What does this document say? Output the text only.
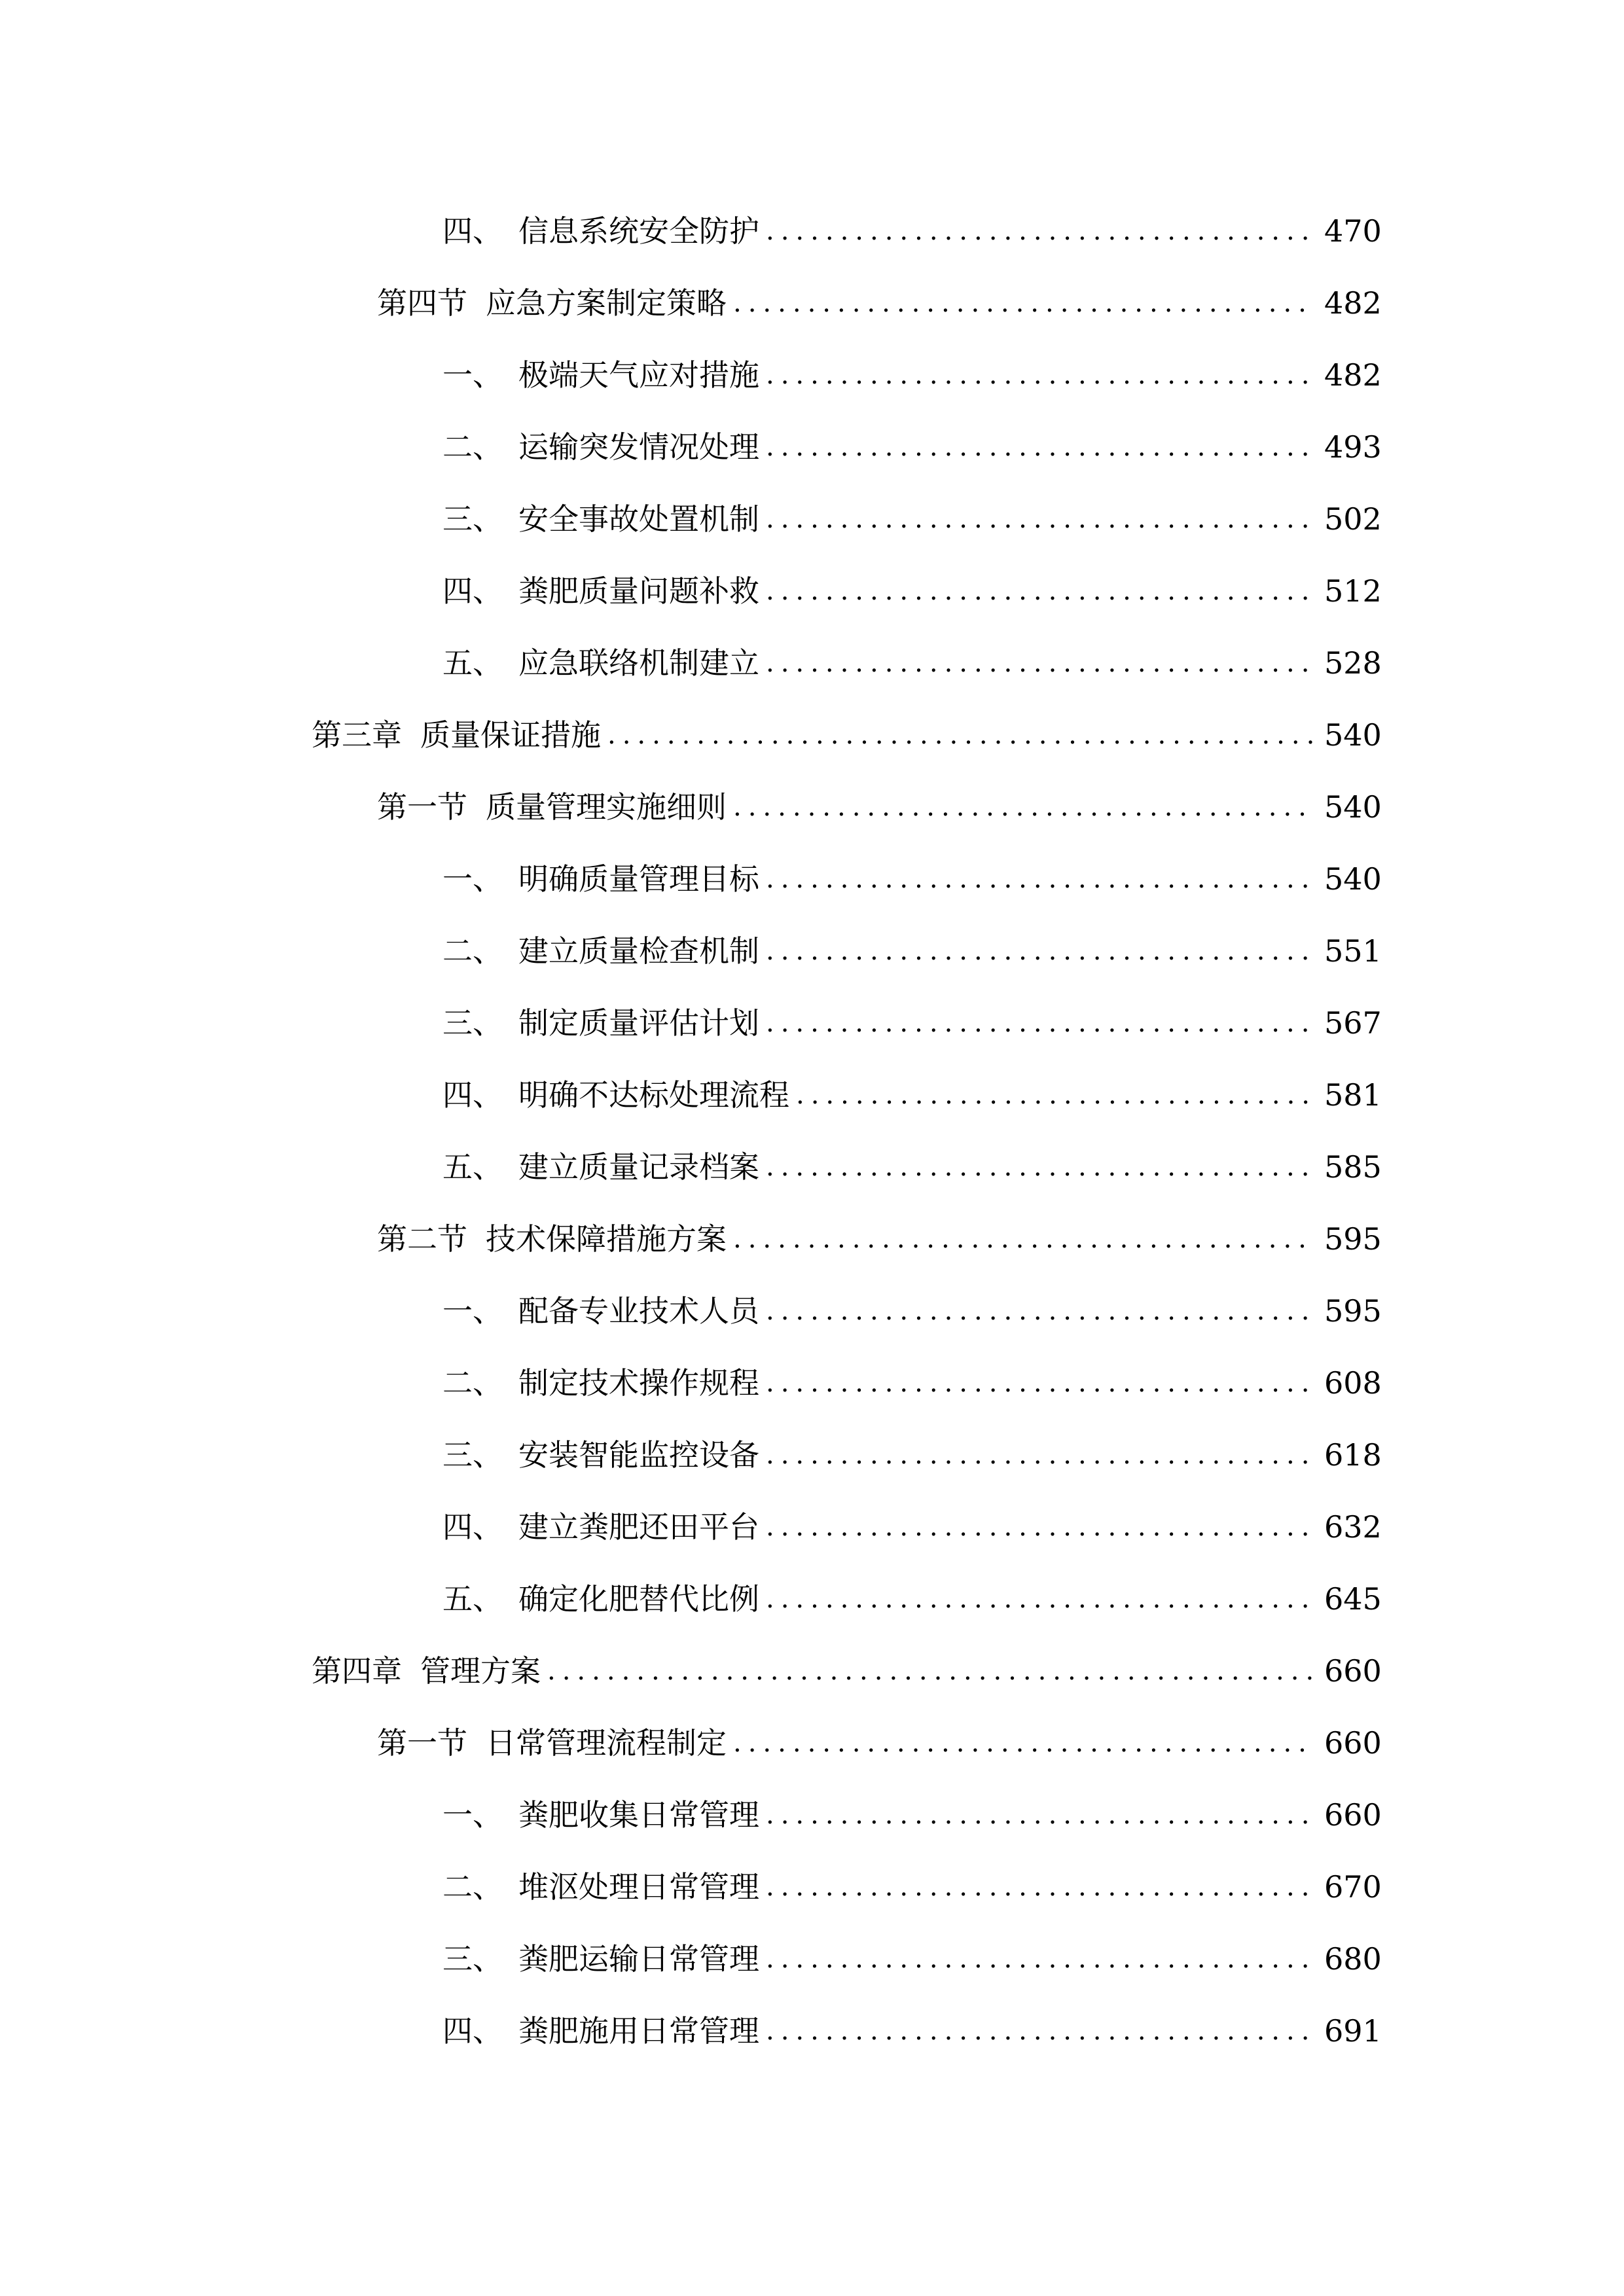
四、 信息系统安全防护 .....	470
第四节 应急方案制定策略 .....	482
一、 极端天气应对措施 .....	482
二、 运输突发情况处理 .....	493
三、 安全事故处置机制 .....	502
四、 粪肥质量问题补救 .....	512
五、 应急联络机制建立 .....	528
第三章 质量保证措施 .....	540
第一节 质量管理实施细则 .....	540
一、 明确质量管理目标 .....	540
二、 建立质量检查机制 .....	551
三、 制定质量评估计划 .....	567
四、 明确不达标处理流程 .....	581
五、 建立质量记录档案 .....	585
第二节 技术保障措施方案 .....	595
一、 配备专业技术人员 .....	595
二、 制定技术操作规程 .....	608
三、 安装智能监控设备 .....	618
四、 建立粪肥还田平台 .....	632
五、 确定化肥替代比例 .....	645
第四章 管理方案 .....	660
第一节 日常管理流程制定 .....	660
一、 粪肥收集日常管理 .....	660
二、 堆沤处理日常管理 .....	670
三、 粪肥运输日常管理 .....	680
四、 粪肥施用日常管理 .....	691
